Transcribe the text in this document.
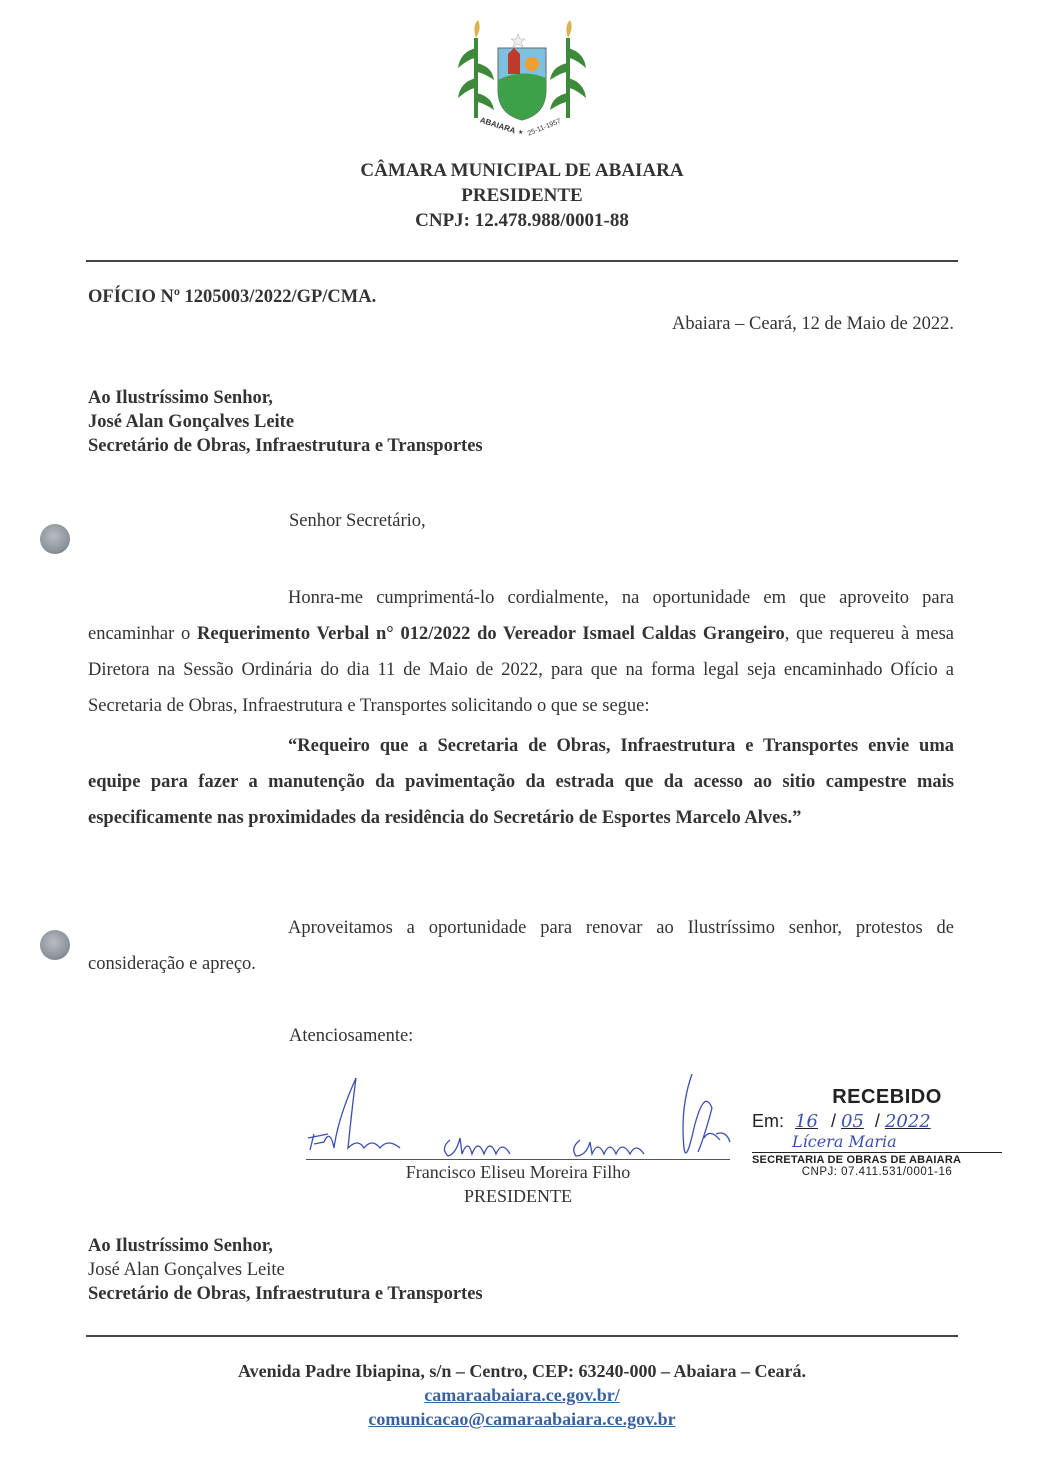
ABAIARA 25-11-1957
★
CÂMARA MUNICIPAL DE ABAIARA
PRESIDENTE
CNPJ: 12.478.988/0001-88
OFÍCIO Nº 1205003/2022/GP/CMA.
Abaiara – Ceará, 12 de Maio de 2022.
Ao Ilustríssimo Senhor,
José Alan Gonçalves Leite
Secretário de Obras, Infraestrutura e Transportes
Senhor Secretário,
Honra-me cumprimentá-lo cordialmente, na oportunidade em que aproveito para encaminhar o Requerimento Verbal n° 012/2022 do Vereador Ismael Caldas Grangeiro, que requereu à mesa Diretora na Sessão Ordinária do dia 11 de Maio de 2022, para que na forma legal seja encaminhado Ofício a Secretaria de Obras, Infraestrutura e Transportes solicitando o que se segue:
“Requeiro que a Secretaria de Obras, Infraestrutura e Transportes envie uma equipe para fazer a manutenção da pavimentação da estrada que da acesso ao sitio campestre mais especificamente nas proximidades da residência do Secretário de Esportes Marcelo Alves.”
Aproveitamos a oportunidade para renovar ao Ilustríssimo senhor, protestos de consideração e apreço.
Atenciosamente:
Francisco Eliseu Moreira Filho
PRESIDENTE
RECEBIDO
Em: 16 / 05 / 2022
Lícera Maria
SECRETARIA DE OBRAS DE ABAIARA
CNPJ: 07.411.531/0001-16
Ao Ilustríssimo Senhor,
José Alan Gonçalves Leite
Secretário de Obras, Infraestrutura e Transportes
Avenida Padre Ibiapina, s/n – Centro, CEP: 63240-000 – Abaiara – Ceará.
camaraabaiara.ce.gov.br/
comunicacao@camaraabaiara.ce.gov.br
